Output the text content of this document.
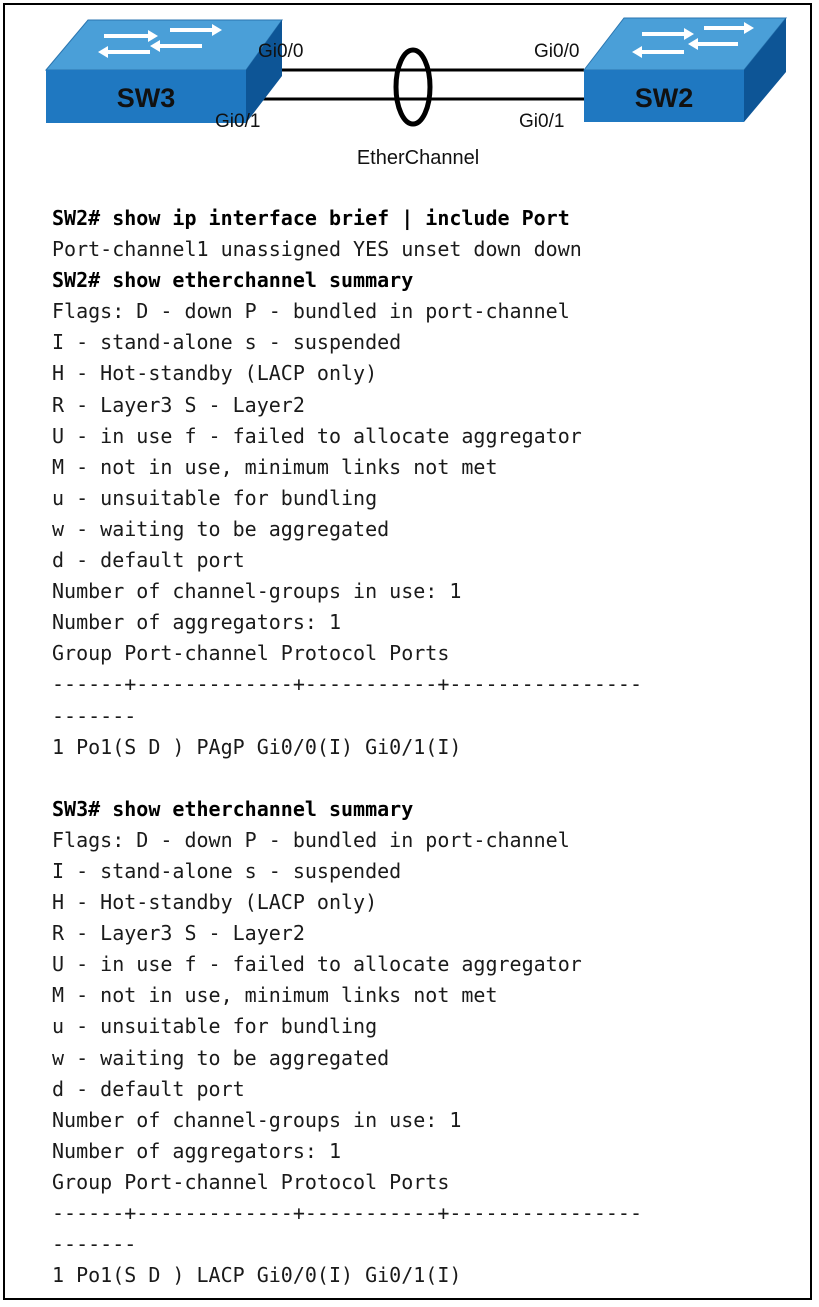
SW3	SW2
Gi0/0
Gi0/1
Gi0/0
Gi0/1
EtherChannel
SW2# show ip interface brief | include Port
Port-channel1 unassigned YES unset down down
SW2# show etherchannel summary
Flags: D - down P - bundled in port-channel
I - stand-alone s - suspended
H - Hot-standby (LACP only)
R - Layer3 S - Layer2
U - in use f - failed to allocate aggregator
M - not in use, minimum links not met
u - unsuitable for bundling
w - waiting to be aggregated
d - default port
Number of channel-groups in use: 1
Number of aggregators: 1
Group Port-channel Protocol Ports
------+-------------+-----------+----------------
-------
1 Po1(S D ) PAgP Gi0/0(I) Gi0/1(I)
SW3# show etherchannel summary
Flags: D - down P - bundled in port-channel
I - stand-alone s - suspended
H - Hot-standby (LACP only)
R - Layer3 S - Layer2
U - in use f - failed to allocate aggregator
M - not in use, minimum links not met
u - unsuitable for bundling
w - waiting to be aggregated
d - default port
Number of channel-groups in use: 1
Number of aggregators: 1
Group Port-channel Protocol Ports
------+-------------+-----------+----------------
-------
1 Po1(S D ) LACP Gi0/0(I) Gi0/1(I)
